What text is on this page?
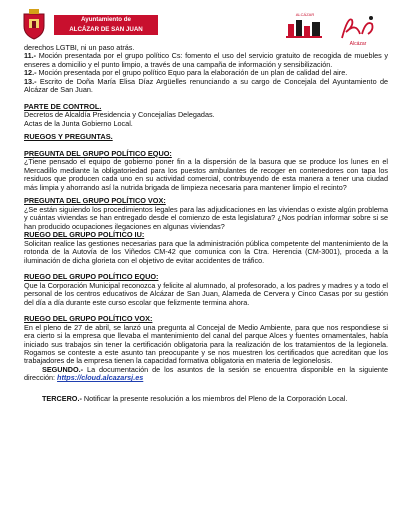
Ayuntamiento de
ALCÁZAR DE SAN JUAN
ALCÁZAR
Alcázar

derechos LGTBI, ni un paso atrás.

11.- Moción presentada por el grupo político Cs: fomento el uso del servicio gratuito de recogida de muebles y enseres a domicilio y el punto limpio, a través de una campaña de información y sensibilización.

12.- Moción presentada por el grupo político Equo para la elaboración de un plan de calidad del aire.

13.- Escrito de Doña María Elisa Díaz Argüelles renunciando a su cargo de Concejala del Ayuntamiento de Alcázar de San Juan.

PARTE DE CONTROL.

Decretos de Alcaldía Presidencia y Concejalías Delegadas.

Actas de la Junta Gobierno Local.

RUEGOS Y PREGUNTAS.
PREGUNTA DEL GRUPO POLÍTICO EQUO:

¿Tiene pensado el equipo de gobierno poner fin a la dispersión de la basura que se produce los lunes en el Mercadillo mediante la obligatoriedad para los puestos ambulantes de recoger en contenedores con tapa los residuos que producen cada uno en su actividad comercial, contribuyendo de esta manera a tener una ciudad más limpia y ahorrando así la nutrida brigada de limpieza necesaria para mantener limpio el recinto?

PREGUNTA DEL GRUPO POLÍTICO VOX:

¿Se están siguiendo los procedimientos legales para las adjudicaciones en las viviendas o existe algún problema y cuántas viviendas se han entregado desde el comienzo de esta legislatura? ¿Nos podrían informar sobre si se han producido ocupaciones ilegaciones en algunas viviendas?

RUEGO DEL GRUPO POLÍTICO IU:

Solicitan realice las gestiones necesarias para que la administración pública competente del mantenimiento de la rotonda de la Autovía de los Viñedos CM-42 que comunica con la Ctra. Herencia (CM-3001), proceda a la iluminación de dicha glorieta con el objetivo de evitar accidentes de tráfico.

RUEGO DEL GRUPO POLÍTICO EQUO:

Que la Corporación Municipal reconozca y felicite al alumnado, al profesorado, a los padres y madres y a todo el personal de los centros educativos de Alcázar de San Juan, Alameda de Cervera y Cinco Casas por su gestión del día a día durante este curso escolar que felizmente termina ahora.

RUEGO DEL GRUPO POLÍTICO VOX:

En el pleno de 27 de abril, se lanzó una pregunta al Concejal de Medio Ambiente, para que nos respondiese si era cierto si la empresa que llevaba el mantenimiento del canal del parque Alces y fuentes ornamentales, había iniciado sus trabajos sin tener la certificación obligatoria para la realización de los tratamientos de la legionela. Rogamos se conteste a este asunto tan preocupante y se nos muestren los certificados que acreditan que los trabajadores de la empresa tienen la capacidad formativa obligatoria en materia de legionelosis.

SEGUNDO.- La documentación de los asuntos de la sesión se encuentra disponible en la siguiente dirección: https://cloud.alcazarsj.es

TERCERO.- Notificar la presente resolución a los miembros del Pleno de la Corporación Local.
